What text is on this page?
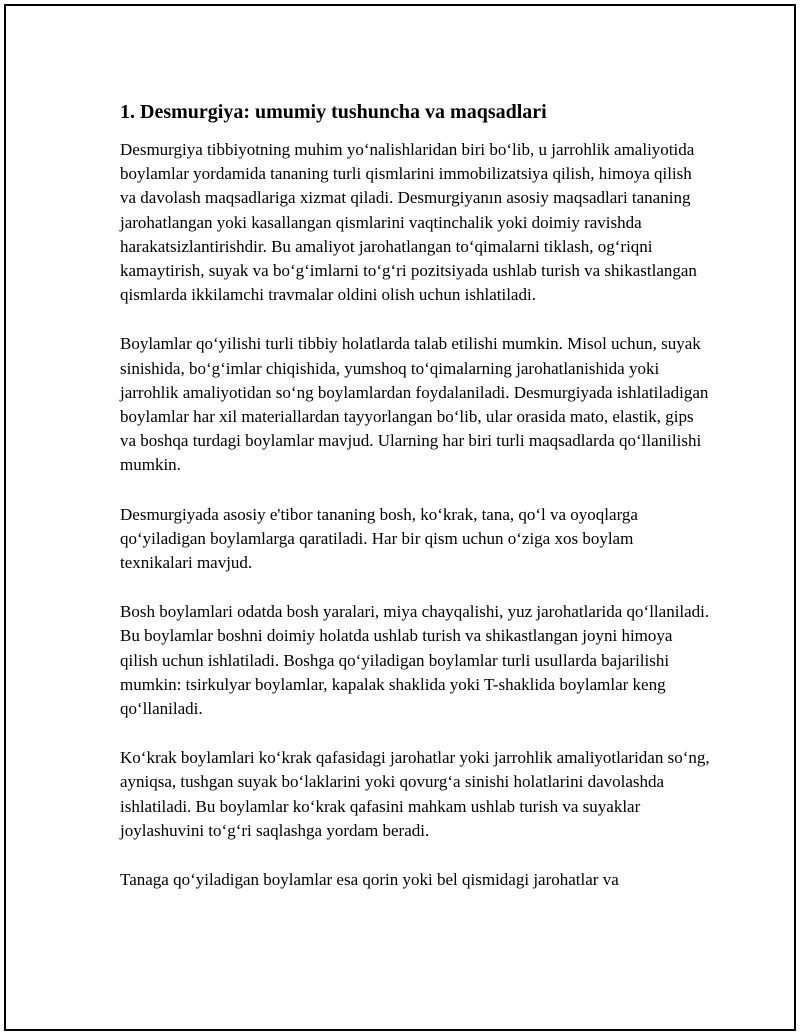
1. Desmurgiya: umumiy tushuncha va maqsadlari

Desmurgiya tibbiyotning muhim yo‘nalishlaridan biri bo‘lib, u jarrohlik amaliyotida boylamlar yordamida tananing turli qismlarini immobilizatsiya qilish, himoya qilish va davolash maqsadlariga xizmat qiladi. Desmurgiyanın asosiy maqsadlari tananing jarohatlangan yoki kasallangan qismlarini vaqtinchalik yoki doimiy ravishda harakatsizlantirishdir. Bu amaliyot jarohatlangan to‘qimalarni tiklash, og‘riqni kamaytirish, suyak va bo‘g‘imlarni to‘g‘ri pozitsiyada ushlab turish va shikastlangan qismlarda ikkilamchi travmalar oldini olish uchun ishlatiladi.

Boylamlar qo‘yilishi turli tibbiy holatlarda talab etilishi mumkin. Misol uchun, suyak sinishida, bo‘g‘imlar chiqishida, yumshoq to‘qimalarning jarohatlanishida yoki jarrohlik amaliyotidan so‘ng boylamlardan foydalaniladi. Desmurgiyada ishlatiladigan boylamlar har xil materiallardan tayyorlangan bo‘lib, ular orasida mato, elastik, gips va boshqa turdagi boylamlar mavjud. Ularning har biri turli maqsadlarda qo‘llanilishi mumkin.

Desmurgiyada asosiy e'tibor tananing bosh, ko‘krak, tana, qo‘l va oyoqlarga qo‘yiladigan boylamlarga qaratiladi. Har bir qism uchun o‘ziga xos boylam texnikalari mavjud.

Bosh boylamlari odatda bosh yaralari, miya chayqalishi, yuz jarohatlarida qo‘llaniladi. Bu boylamlar boshni doimiy holatda ushlab turish va shikastlangan joyni himoya qilish uchun ishlatiladi. Boshga qo‘yiladigan boylamlar turli usullarda bajarilishi mumkin: tsirkulyar boylamlar, kapalak shaklida yoki T-shaklida boylamlar keng qo‘llaniladi.

Ko‘krak boylamlari ko‘krak qafasidagi jarohatlar yoki jarrohlik amaliyotlaridan so‘ng, ayniqsa, tushgan suyak bo‘laklarini yoki qovurg‘a sinishi holatlarini davolashda ishlatiladi. Bu boylamlar ko‘krak qafasini mahkam ushlab turish va suyaklar joylashuvini to‘g‘ri saqlashga yordam beradi.

Tanaga qo‘yiladigan boylamlar esa qorin yoki bel qismidagi jarohatlar va
